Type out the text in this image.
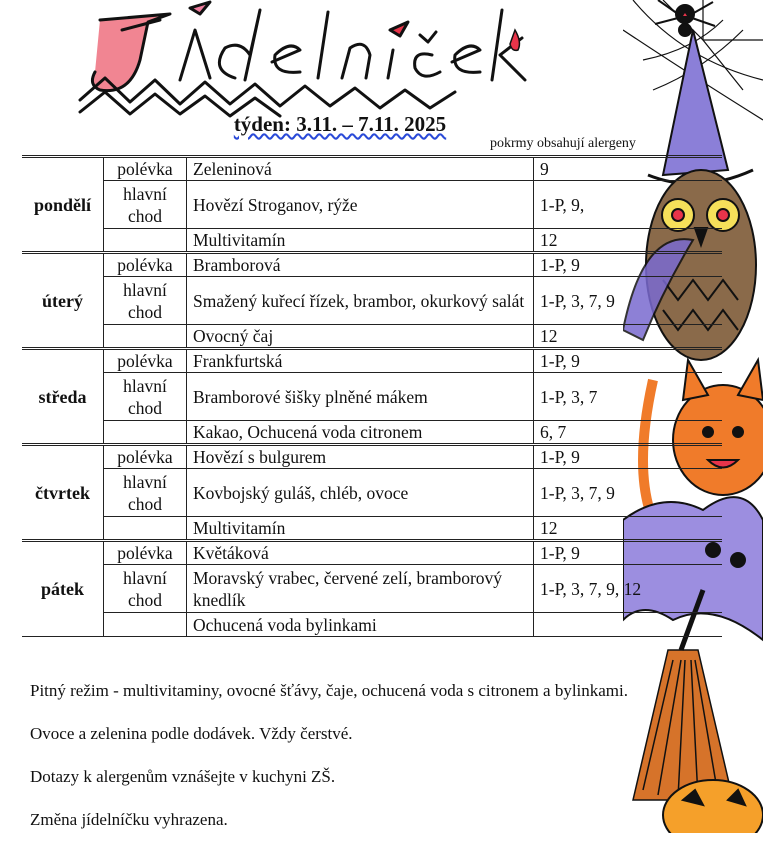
týden: 3.11. – 7.11. 2025
pokrmy obsahují alergeny
pondělí	polévka	Zeleninová	9
	hlavní chod	Hovězí Stroganov, rýže	1-P, 9,
		Multivitamín	12
úterý	polévka	Bramborová	1-P, 9
	hlavní chod	Smažený kuřecí řízek, brambor, okurkový salát	1-P, 3, 7, 9
		Ovocný čaj	12
středa	polévka	Frankfurtská	1-P, 9
	hlavní chod	Bramborové šišky plněné mákem	1-P, 3, 7
		Kakao, Ochucená voda citronem	6, 7
čtvrtek	polévka	Hovězí s bulgurem	1-P, 9
	hlavní chod	Kovbojský guláš, chléb, ovoce	1-P, 3, 7, 9
		Multivitamín	12
pátek	polévka	Květáková	1-P, 9
	hlavní chod	Moravský vrabec, červené zelí, bramborový knedlík	1-P, 3, 7, 9, 12
		Ochucená voda bylinkami	

Pitný režim - multivitaminy, ovocné šťávy, čaje, ochucená voda s citronem a bylinkami.

Ovoce a zelenina podle dodávek. Vždy čerstvé.

Dotazy k alergenům vznášejte v kuchyni ZŠ.

Změna jídelníčku vyhrazena.
